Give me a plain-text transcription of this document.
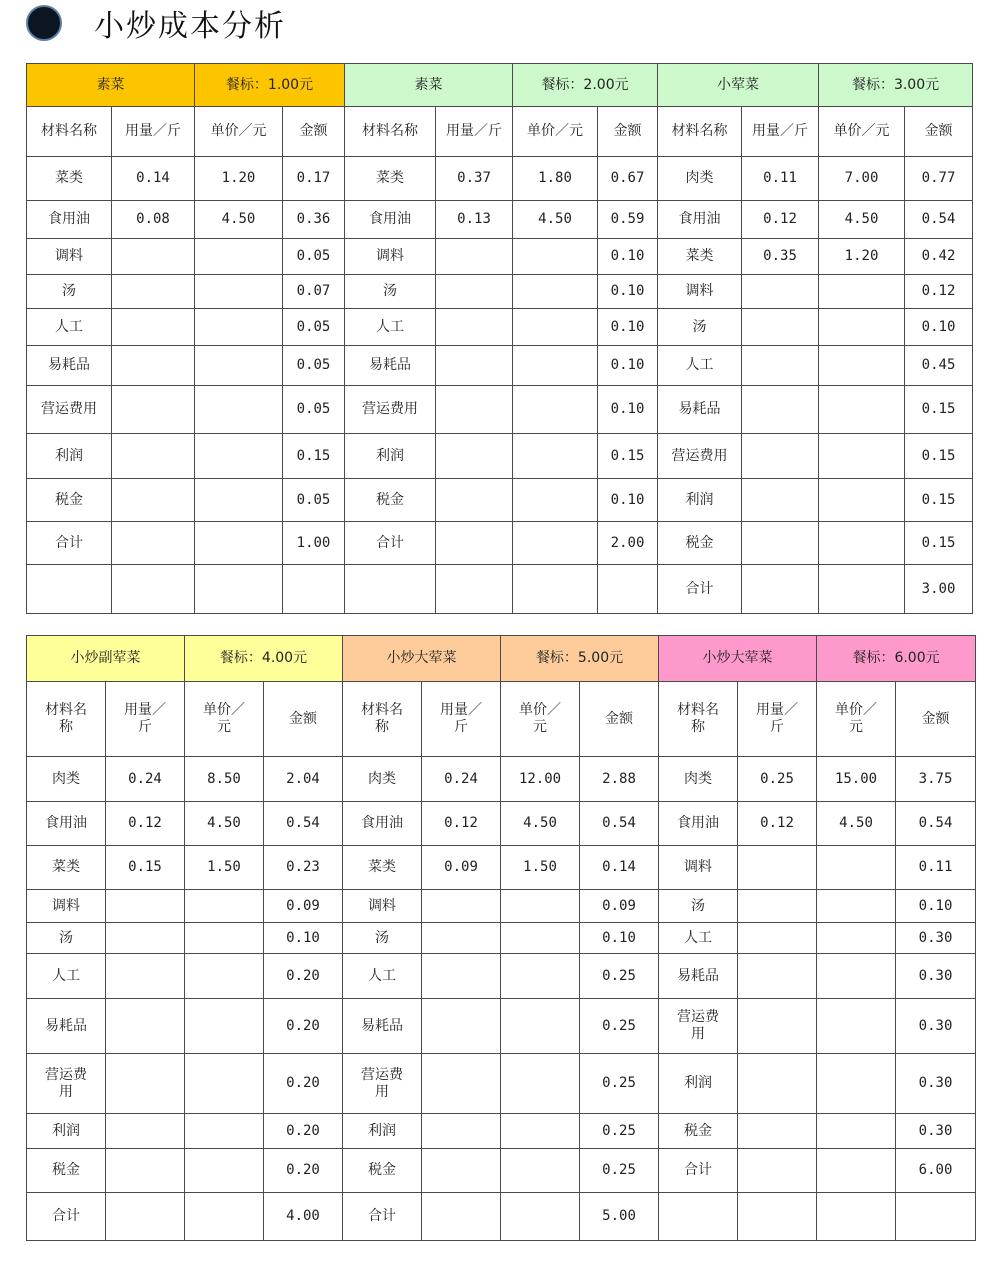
小炒成本分析
素菜		餐标：1.00元		素菜		餐标：2.00元		小荤菜		餐标：3.00元	
材料名称	用量／斤	单价／元	金额	材料名称	用量／斤	单价／元	金额	材料名称	用量／斤	单价／元	金额
菜类	0.14	1.20	0.17	菜类	0.37	1.80	0.67	肉类	0.11	7.00	0.77
食用油	0.08	4.50	0.36	食用油	0.13	4.50	0.59	食用油	0.12	4.50	0.54
调料			0.05	调料			0.10	菜类	0.35	1.20	0.42
汤			0.07	汤			0.10	调料			0.12
人工			0.05	人工			0.10	汤			0.10
易耗品			0.05	易耗品			0.10	人工			0.45
营运费用			0.05	营运费用			0.10	易耗品			0.15
利润			0.15	利润			0.15	营运费用			0.15
税金			0.05	税金			0.10	利润			0.15
合计			1.00	合计			2.00	税金			0.15
								合计			3.00
小炒副荤菜		餐标：4.00元		小炒大荤菜		餐标：5.00元		小炒大荤菜		餐标：6.00元	
材料名称	用量／斤	单价／元	金额	材料名称	用量／斤	单价／元	金额	材料名称	用量／斤	单价／元	金额
肉类	0.24	8.50	2.04	肉类	0.24	12.00	2.88	肉类	0.25	15.00	3.75
食用油	0.12	4.50	0.54	食用油	0.12	4.50	0.54	食用油	0.12	4.50	0.54
菜类	0.15	1.50	0.23	菜类	0.09	1.50	0.14	调料			0.11
调料			0.09	调料			0.09	汤			0.10
汤			0.10	汤			0.10	人工			0.30
人工			0.20	人工			0.25	易耗品			0.30
易耗品			0.20	易耗品			0.25	营运费用			0.30
营运费用			0.20	营运费用			0.25	利润			0.30
利润			0.20	利润			0.25	税金			0.30
税金			0.20	税金			0.25	合计			6.00
合计			4.00	合计			5.00				
